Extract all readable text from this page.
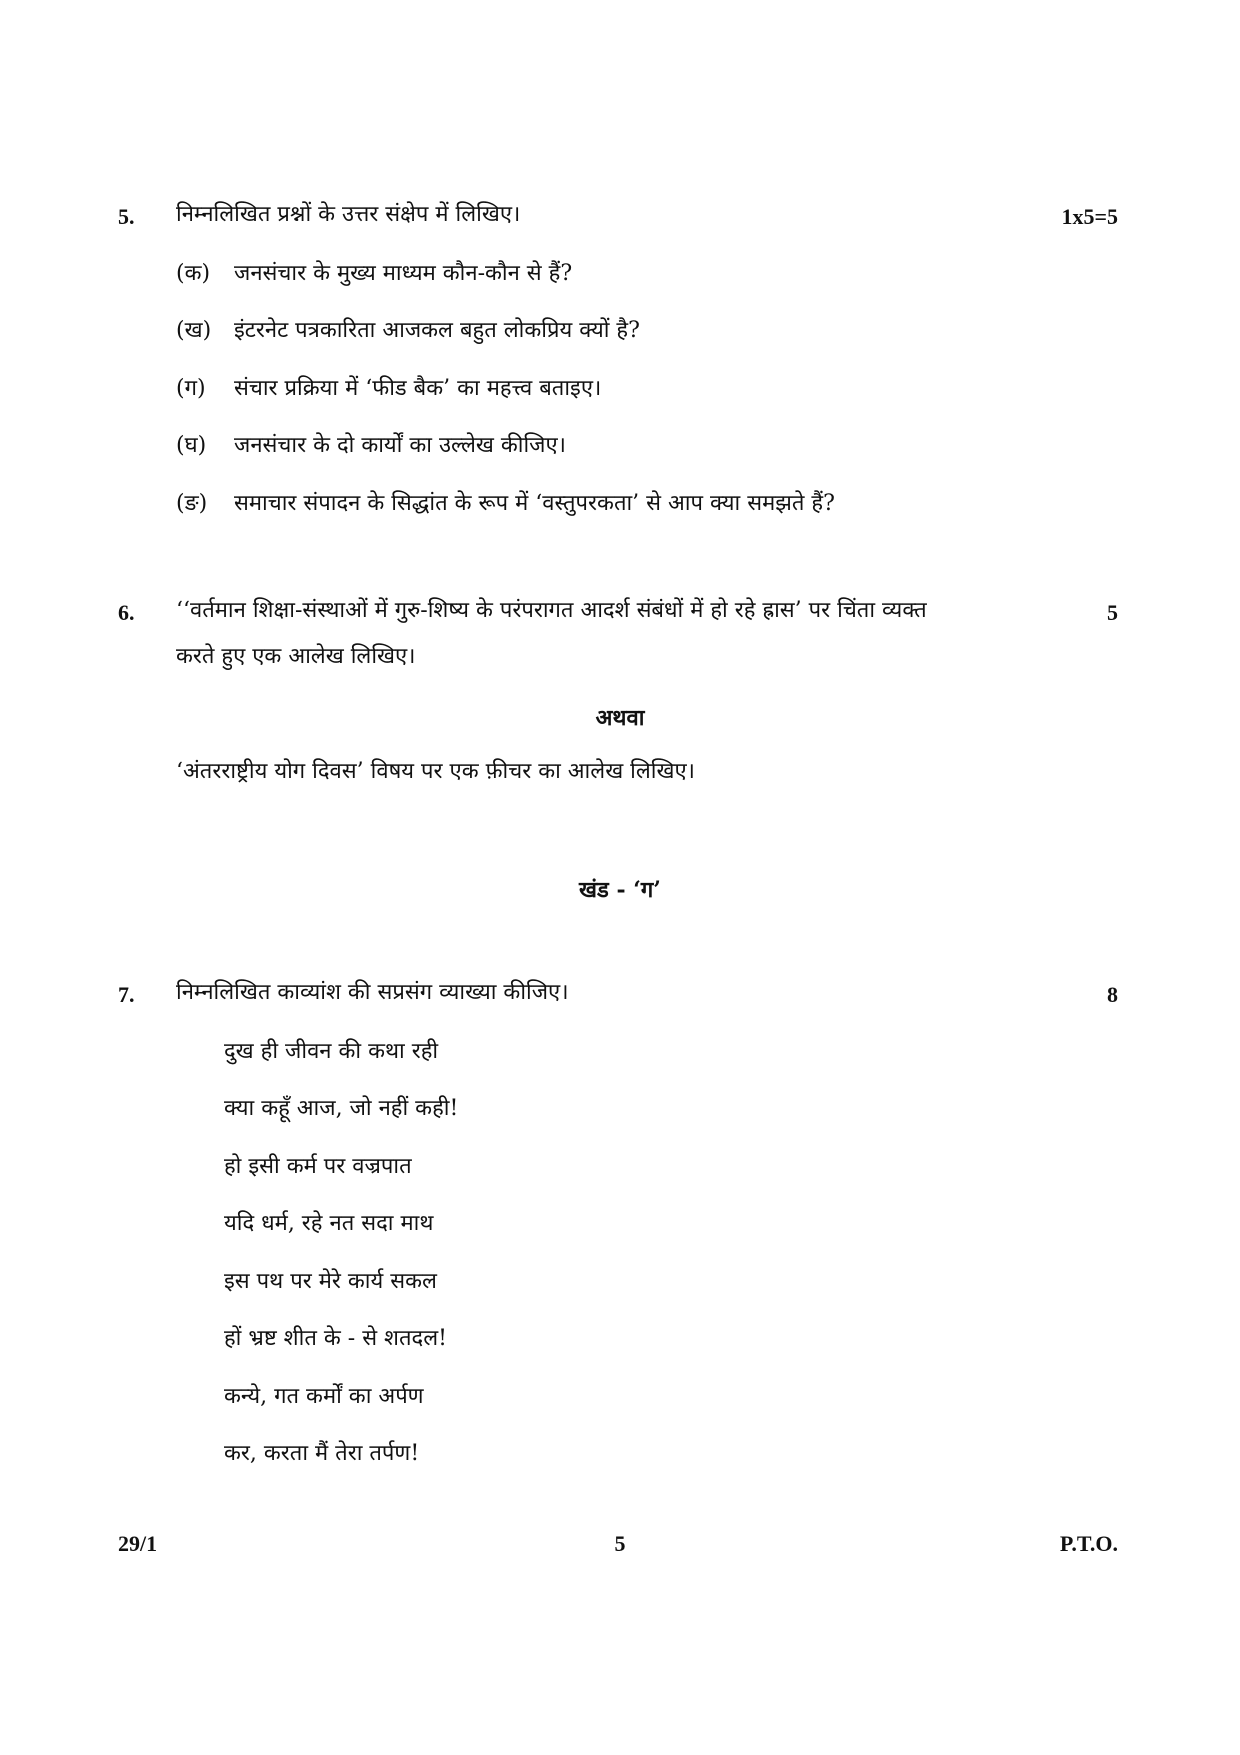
5. निम्नलिखित प्रश्नों के उत्तर संक्षेप में लिखिए।	1x5=5
(क) जनसंचार के मुख्य माध्यम कौन-कौन से हैं?
(ख) इंटरनेट पत्रकारिता आजकल बहुत लोकप्रिय क्यों है?
(ग) संचार प्रक्रिया में ‘फीड बैक’ का महत्त्व बताइए।
(घ) जनसंचार के दो कार्यों का उल्लेख कीजिए।
(ङ) समाचार संपादन के सिद्धांत के रूप में ‘वस्तुपरकता’ से आप क्या समझते हैं?
6. ‘‘वर्तमान शिक्षा-संस्थाओं में गुरु-शिष्य के परंपरागत आदर्श संबंधों में हो रहे ह्रास’ पर चिंता व्यक्त	5
करते हुए एक आलेख लिखिए।
अथवा
‘अंतरराष्ट्रीय योग दिवस’ विषय पर एक फ़ीचर का आलेख लिखिए।
खंड - ‘ग’
7. निम्नलिखित काव्यांश की सप्रसंग व्याख्या कीजिए।	8
दुख ही जीवन की कथा रही
क्या कहूँ आज, जो नहीं कही!
हो इसी कर्म पर वज्रपात
यदि धर्म, रहे नत सदा माथ
इस पथ पर मेरे कार्य सकल
हों भ्रष्ट शीत के - से शतदल!
कन्ये, गत कर्मों का अर्पण
कर, करता मैं तेरा तर्पण!
29/1	5	P.T.O.
